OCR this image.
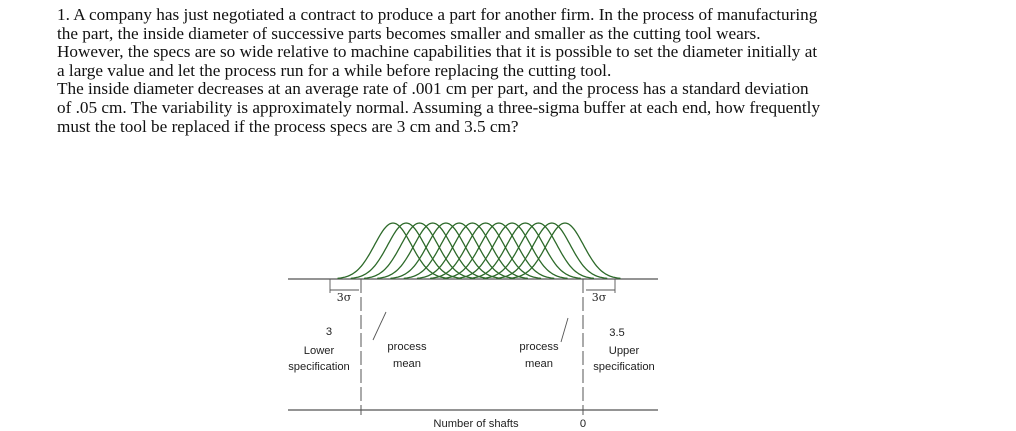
1. A company has just negotiated a contract to produce a part for another firm. In the process of manufacturing

the part, the inside diameter of successive parts becomes smaller and smaller as the cutting tool wears.

However, the specs are so wide relative to machine capabilities that it is possible to set the diameter initially at

a large value and let the process run for a while before replacing the cutting tool.

The inside diameter decreases at an average rate of .001 cm per part, and the process has a standard deviation

of .05 cm. The variability is approximately normal. Assuming a three-sigma buffer at each end, how frequently

must the tool be replaced if the process specs are 3 cm and 3.5 cm?

3σ	3σ
3	3.5
Lower
specification
Upper
specification
process
mean
process
mean
Number of shafts	0
